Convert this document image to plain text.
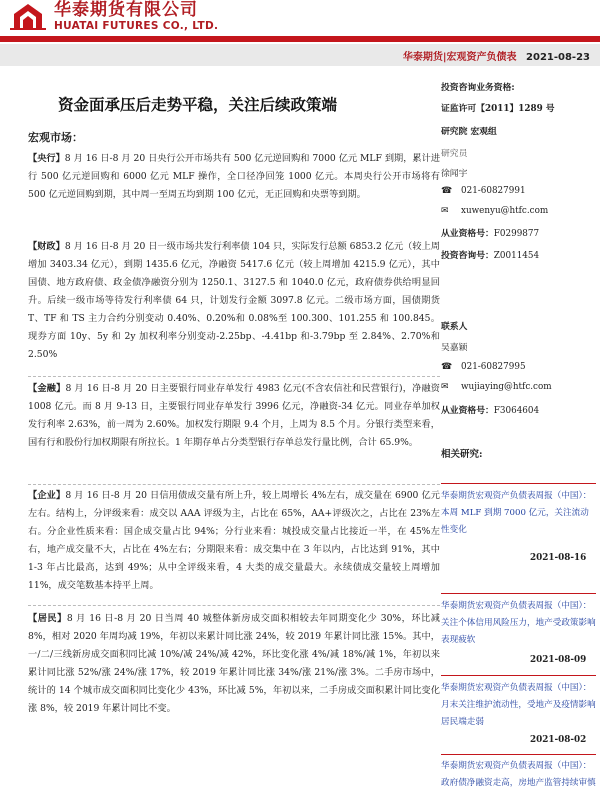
华泰期货有限公司
HUATAI FUTURES CO., LTD.
华泰期货|宏观资产负债表 2021-08-23
资金面承压后走势平稳，关注后续政策端
宏观市场：
【央行】8 月 16 日-8 月 20 日央行公开市场共有 500 亿元逆回购和 7000 亿元 MLF 到期，累计进行 500 亿元逆回购和 6000 亿元 MLF 操作，全口径净回笼 1000 亿元。本周央行公开市场将有 500 亿元逆回购到期，其中周一至周五均到期 100 亿元，无正回购和央票等到期。
【财政】8 月 16 日-8 月 20 日一级市场共发行利率债 104 只，实际发行总额 6853.2 亿元（较上周增加 3403.34 亿元），到期 1435.6 亿元，净融资 5417.6 亿元（较上周增加 4215.9 亿元），其中国债、地方政府债、政金债净融资分别为 1250.1、3127.5 和 1040.0 亿元，政府债券供给明显回升。后续一级市场等待发行利率债 64 只，计划发行金额 3097.8 亿元。二级市场方面，国债期货 T、TF 和 TS 主力合约分别变动 0.40%、0.20%和 0.08%至 100.300、101.255 和 100.845。现券方面 10y、5y 和 2y 加权利率分别变动-2.25bp、-4.41bp 和-3.79bp 至 2.84%、2.70%和 2.50%
【金融】8 月 16 日-8 月 20 日主要银行同业存单发行 4983 亿元(不含农信社和民营银行)，净融资 1008 亿元。而 8 月 9-13 日，主要银行同业存单发行 3996 亿元，净融资-34 亿元。同业存单加权发行利率 2.63%，前一周为 2.60%。加权发行期限 9.4 个月，上周为 8.5 个月。分银行类型来看，国有行和股份行加权期限有所拉长。1 年期存单占分类型银行存单总发行量比例，合计 65.9%。
【企业】8 月 16 日-8 月 20 日信用债成交量有所上升，较上周增长 4%左右，成交量在 6900 亿元左右。结构上，分评级来看：成交以 AAA 评级为主，占比在 65%，AA+评级次之，占比在 23%左右。分企业性质来看：国企成交量占比 94%；分行业来看：城投成交量占比接近一半，在 45%左右，地产成交量不大，占比在 4%左右；分期限来看：成交集中在 3 年以内，占比达到 91%，其中 1-3 年占比最高，达到 49%；从中全评级来看，4 大类的成交量最大。永续债成交量较上周增加 11%，成交笔数基本持平上周。
【居民】8 月 16 日-8 月 20 日当周 40 城整体新房成交面积相较去年同期变化少 30%，环比减 8%，相对 2020 年周均减 19%，年初以来累计同比涨 24%，较 2019 年累计同比涨 15%。其中，一/二/三线新房成交面积同比减 10%/减 24%/减 42%，环比变化涨 4%/减 18%/减 1%，年初以来累计同比涨 52%/涨 24%/涨 17%，较 2019 年累计同比涨 34%/涨 21%/涨 3%。二手房市场中，统计的 14 个城市成交面积同比变化少 43%，环比减 5%，年初以来，二手房成交面积累计同比变化涨 8%，较 2019 年累计同比不变。
投资咨询业务资格:
证监许可【2011】1289 号
研究院 宏观组
研究员
徐闻宇
☎ 021-60827991
✉ xuwenyu@htfc.com
从业资格号：F0299877
投资咨询号：Z0011454
联系人
吴嘉颖
☎ 021-60827995
✉ wujiaying@htfc.com
从业资格号：F3064604
相关研究:
华泰期货宏观资产负债表周报（中国）：本周 MLF 到期 7000 亿元，关注流动性变化
2021-08-16
华泰期货宏观资产负债表周报（中国）：关注个体信用风险压力，地产受政策影响表现疲软
2021-08-09
华泰期货宏观资产负债表周报（中国）：月末关注维护流动性，受地产及疫情影响居民端走弱
2021-08-02
华泰期货宏观资产负债表周报（中国）：政府债净融资走高，房地产监管持续审慎
